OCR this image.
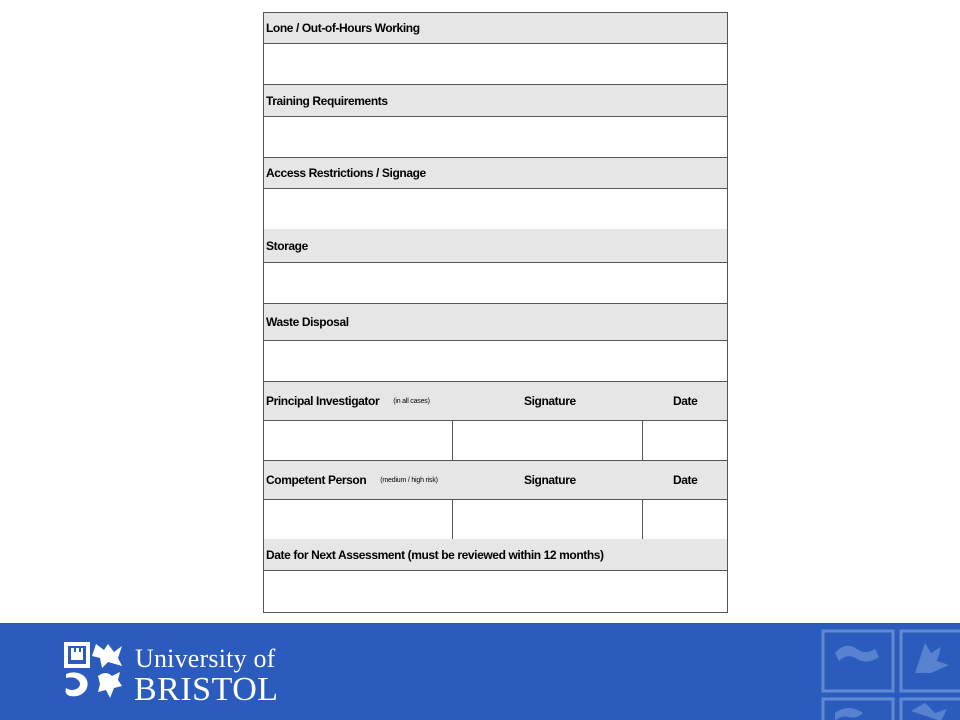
Lone / Out-of-Hours Working
Training Requirements
Access Restrictions / Signage
Storage
Waste Disposal
Principal Investigator (in all cases)	Signature	Date
Competent Person (medium / high risk)	Signature	Date
Date for Next Assessment (must be reviewed within 12 months)
University of
BRISTOL
